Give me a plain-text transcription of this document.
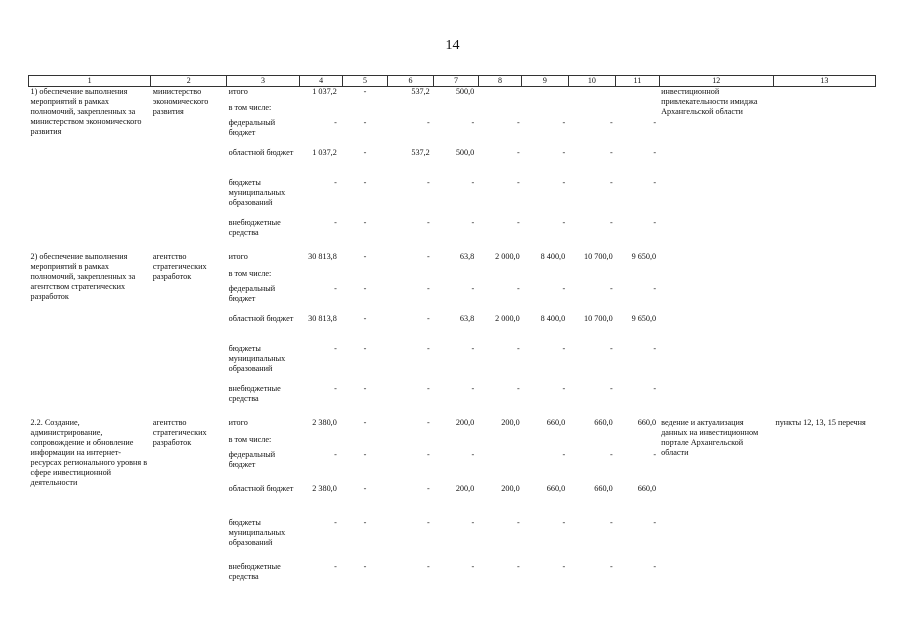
14
1	2	3	4	5	6	7	8	9	10	11	12	13
1) обеспечение выполнения мероприятий в рамках полномочий, закрепленных за министерством экономического развития	министерство экономического развития	итого	1 037,2	-	537,2	500,0					инвестиционной привлекательности имиджа Архангельской области	
		в том числе:										
		федеральный бюджет	-	-	-	-	-	-	-	-		
		областной бюджет	1 037,2	-	537,2	500,0	-	-	-	-		
		бюджеты муниципальных образований	-	-	-	-	-	-	-	-		
		внебюджетные средства	-	-	-	-	-	-	-	-		
2) обеспечение выполнения мероприятий в рамках полномочий, закрепленных за агентством стратегических разработок	агентство стратегических разработок	итого	30 813,8	-	-	63,8	2 000,0	8 400,0	10 700,0	9 650,0		
		в том числе:										
		федеральный бюджет	-	-	-	-	-	-	-	-		
		областной бюджет	30 813,8	-	-	63,8	2 000,0	8 400,0	10 700,0	9 650,0		
		бюджеты муниципальных образований	-	-	-	-	-	-	-	-		
		внебюджетные средства	-	-	-	-	-	-	-	-		
2.2. Создание, администрирование, сопровождение и обновление информации на интернет-ресурсах регионального уровня в сфере инвестиционной деятельности	агентство стратегических разработок	итого	2 380,0	-	-	200,0	200,0	660,0	660,0	660,0	ведение и актуализация данных на инвестиционном портале Архангельской области	пункты 12, 13, 15 перечня
		в том числе:										
		федеральный бюджет	-	-	-	-		-	-	-		
		областной бюджет	2 380,0	-	-	200,0	200,0	660,0	660,0	660,0		
		бюджеты муниципальных образований	-	-	-	-	-	-	-	-		
		внебюджетные средства	-	-	-	-	-	-	-	-		
